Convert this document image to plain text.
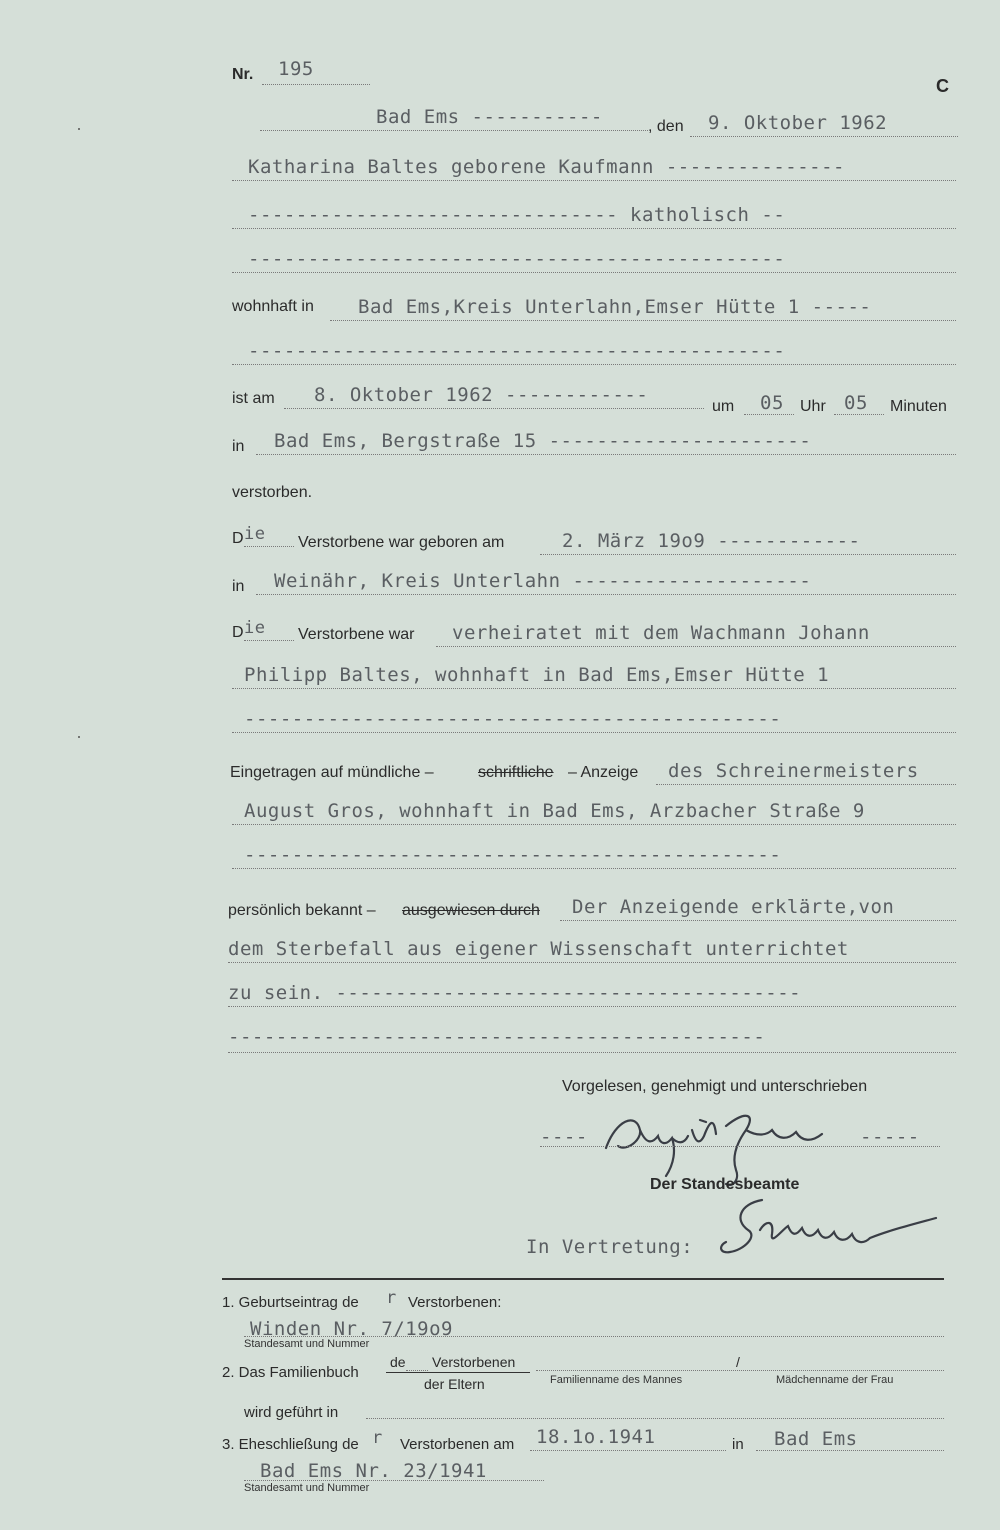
Nr. 195
C
Bad Ems -----------	, den 9. Oktober 1962
Katharina Baltes geborene Kaufmann ---------------
------------------------------- katholisch --
---------------------------------------------
wohnhaft in Bad Ems,Kreis Unterlahn,Emser Hütte 1 -----
---------------------------------------------
ist am 8. Oktober 1962 ------------
um 05 Uhr 05 Minuten
in Bad Ems, Bergstraße 15 ----------------------
verstorben.
D ie Verstorbene war geboren am	2. März 19o9 ------------
in Weinähr, Kreis Unterlahn --------------------
D ie Verstorbene war verheiratet mit dem Wachmann Johann
Philipp Baltes, wohnhaft in Bad Ems,Emser Hütte 1
---------------------------------------------
Eingetragen auf mündliche –	schriftliche – Anzeige des Schreinermeisters
August Gros, wohnhaft in Bad Ems, Arzbacher Straße 9
---------------------------------------------
persönlich bekannt – ausgewiesen durch Der Anzeigende erklärte,von
dem Sterbefall aus eigener Wissenschaft unterrichtet
zu sein. ---------------------------------------
---------------------------------------------
Vorgelesen, genehmigt und unterschrieben
----	-----
Der Standesbeamte
In Vertretung:
1. Geburtseintrag de r Verstorbenen:
Winden Nr. 7/19o9
Standesamt und Nummer
2. Das Familienbuch
de Verstorbenen
der Eltern	Familienname des Mannes
/
Mädchenname der Frau
wird geführt in
3. Eheschließung de r Verstorbenen am 18.1o.1941	in Bad Ems
Bad Ems Nr. 23/1941
Standesamt und Nummer
